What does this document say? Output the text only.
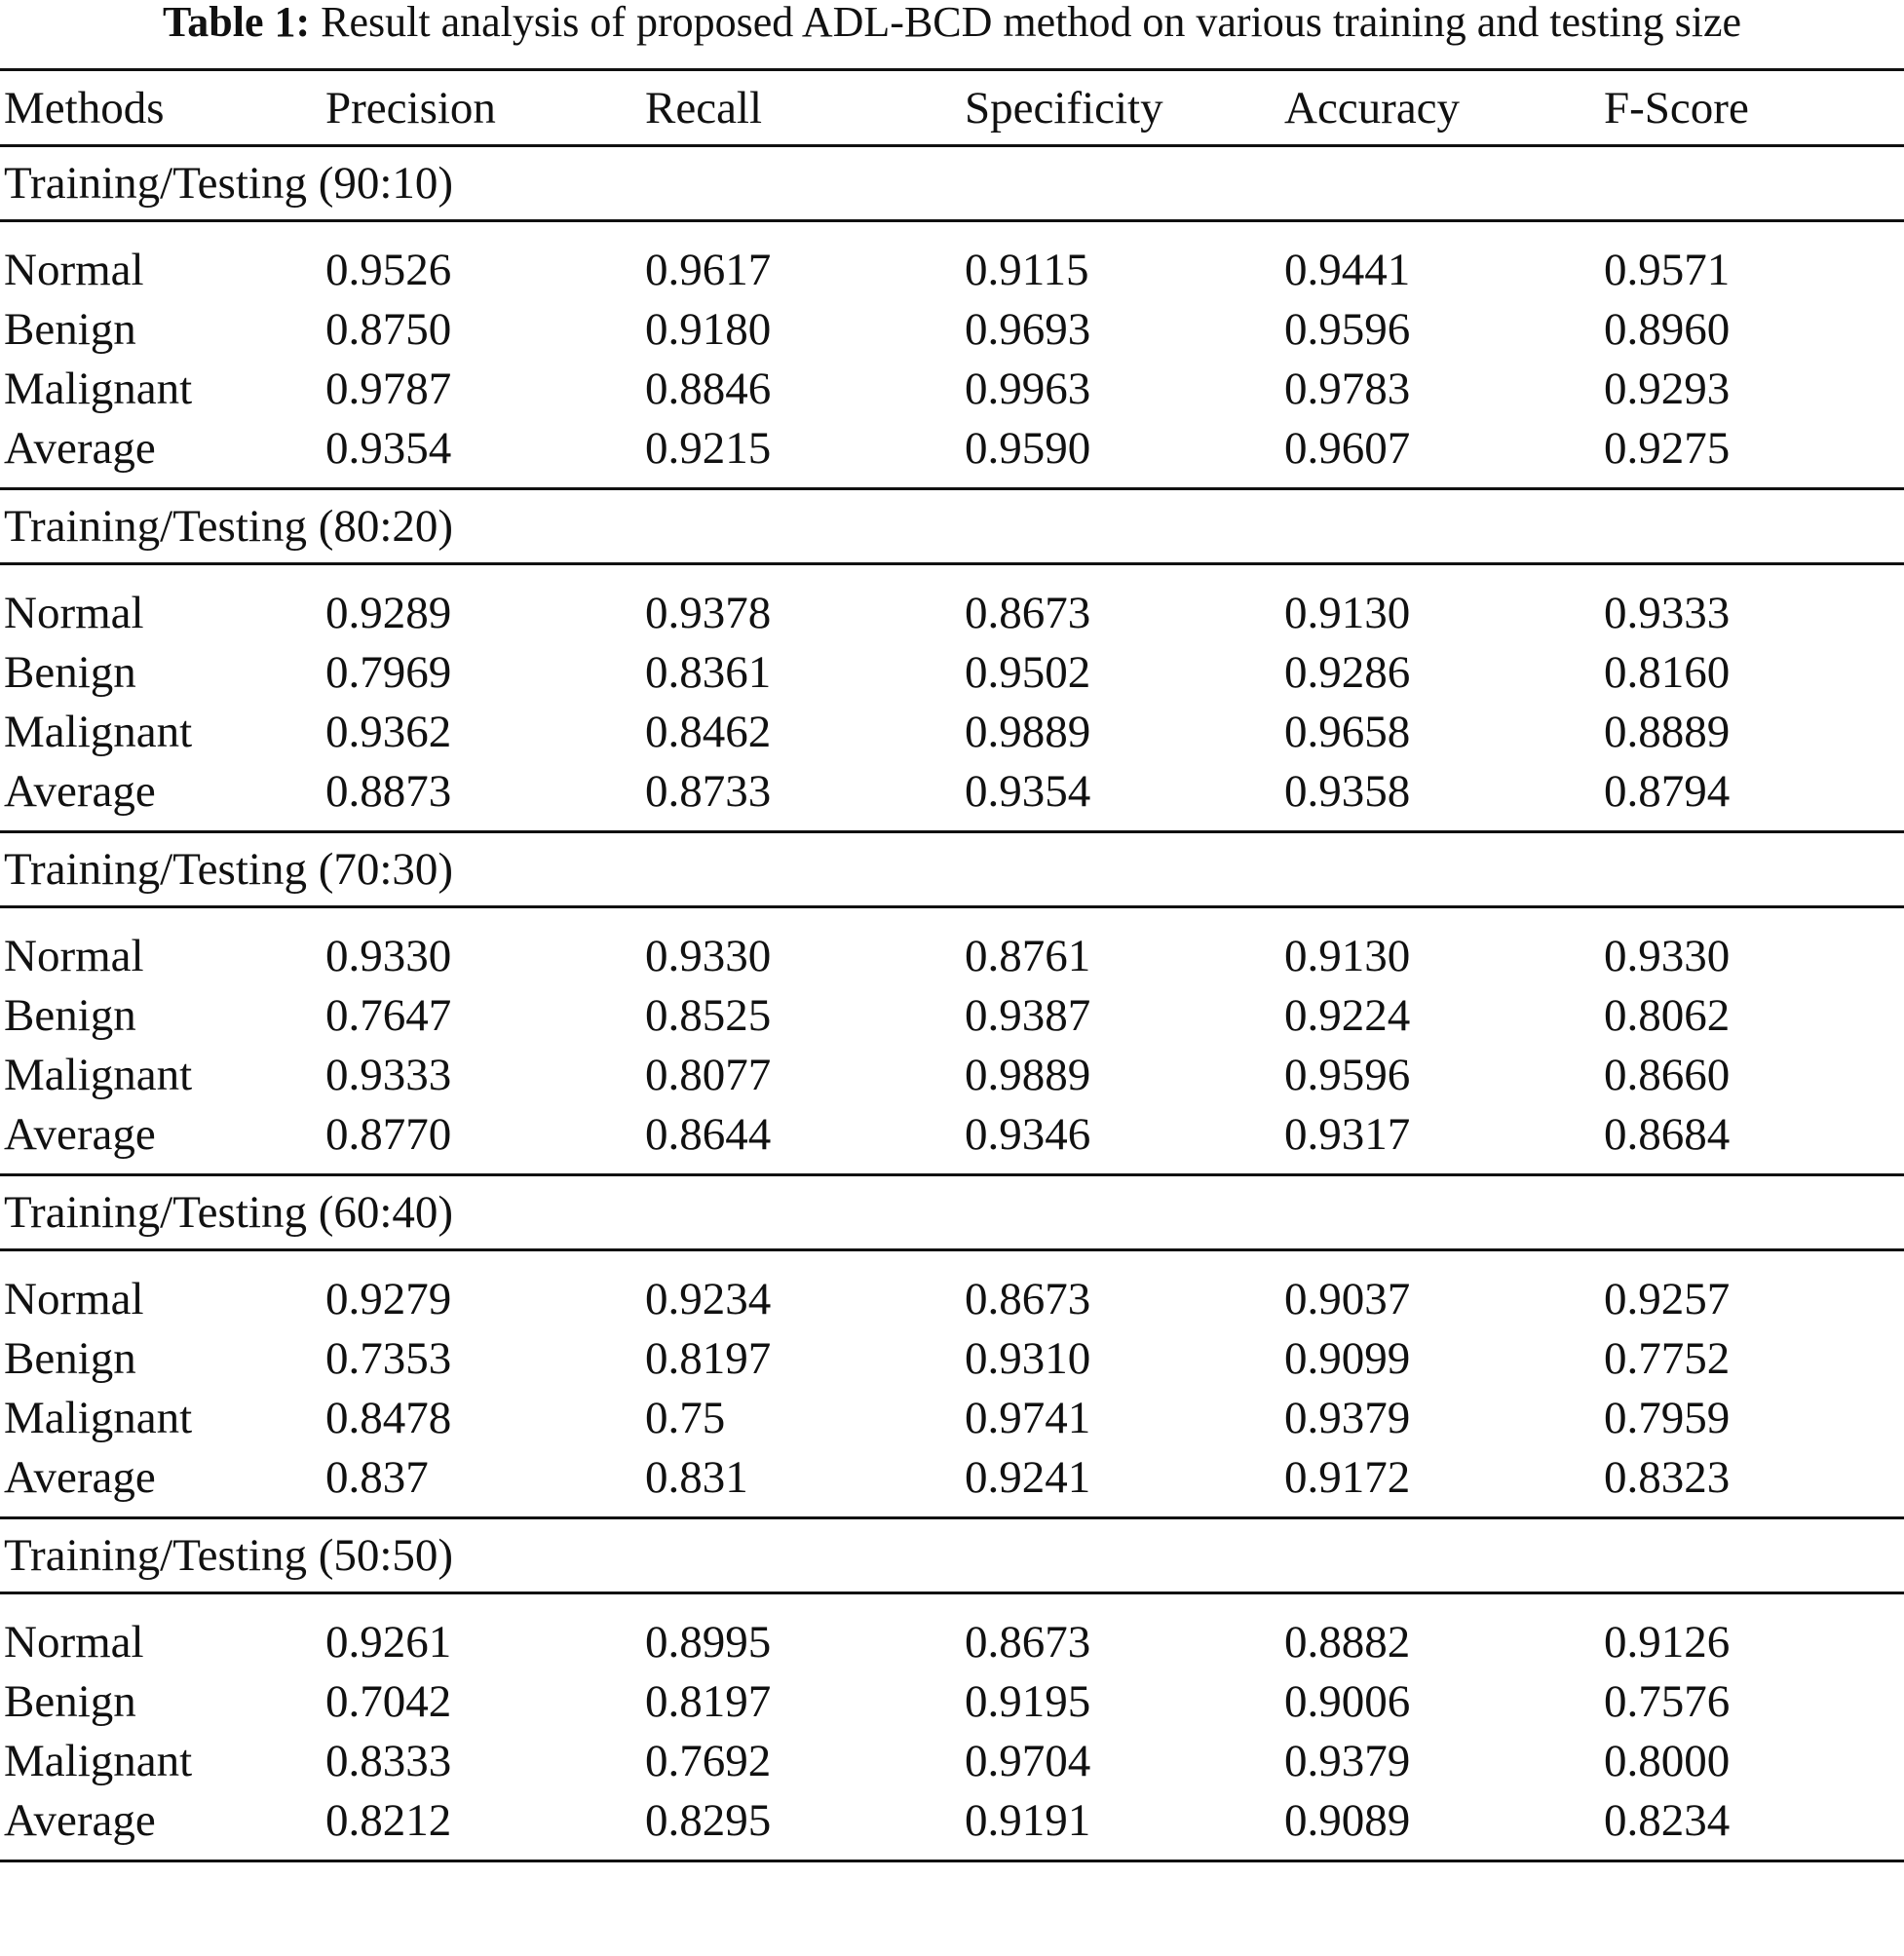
Table 1: Result analysis of proposed ADL-BCD method on various training and testing size
Methods	Precision	Recall	Specificity	Accuracy	F-Score
Training/Testing (90:10)
Normal	0.9526	0.9617	0.9115	0.9441	0.9571
Benign	0.8750	0.9180	0.9693	0.9596	0.8960
Malignant	0.9787	0.8846	0.9963	0.9783	0.9293
Average	0.9354	0.9215	0.9590	0.9607	0.9275
Training/Testing (80:20)
Normal	0.9289	0.9378	0.8673	0.9130	0.9333
Benign	0.7969	0.8361	0.9502	0.9286	0.8160
Malignant	0.9362	0.8462	0.9889	0.9658	0.8889
Average	0.8873	0.8733	0.9354	0.9358	0.8794
Training/Testing (70:30)
Normal	0.9330	0.9330	0.8761	0.9130	0.9330
Benign	0.7647	0.8525	0.9387	0.9224	0.8062
Malignant	0.9333	0.8077	0.9889	0.9596	0.8660
Average	0.8770	0.8644	0.9346	0.9317	0.8684
Training/Testing (60:40)
Normal	0.9279	0.9234	0.8673	0.9037	0.9257
Benign	0.7353	0.8197	0.9310	0.9099	0.7752
Malignant	0.8478	0.75	0.9741	0.9379	0.7959
Average	0.837	0.831	0.9241	0.9172	0.8323
Training/Testing (50:50)
Normal	0.9261	0.8995	0.8673	0.8882	0.9126
Benign	0.7042	0.8197	0.9195	0.9006	0.7576
Malignant	0.8333	0.7692	0.9704	0.9379	0.8000
Average	0.8212	0.8295	0.9191	0.9089	0.8234
